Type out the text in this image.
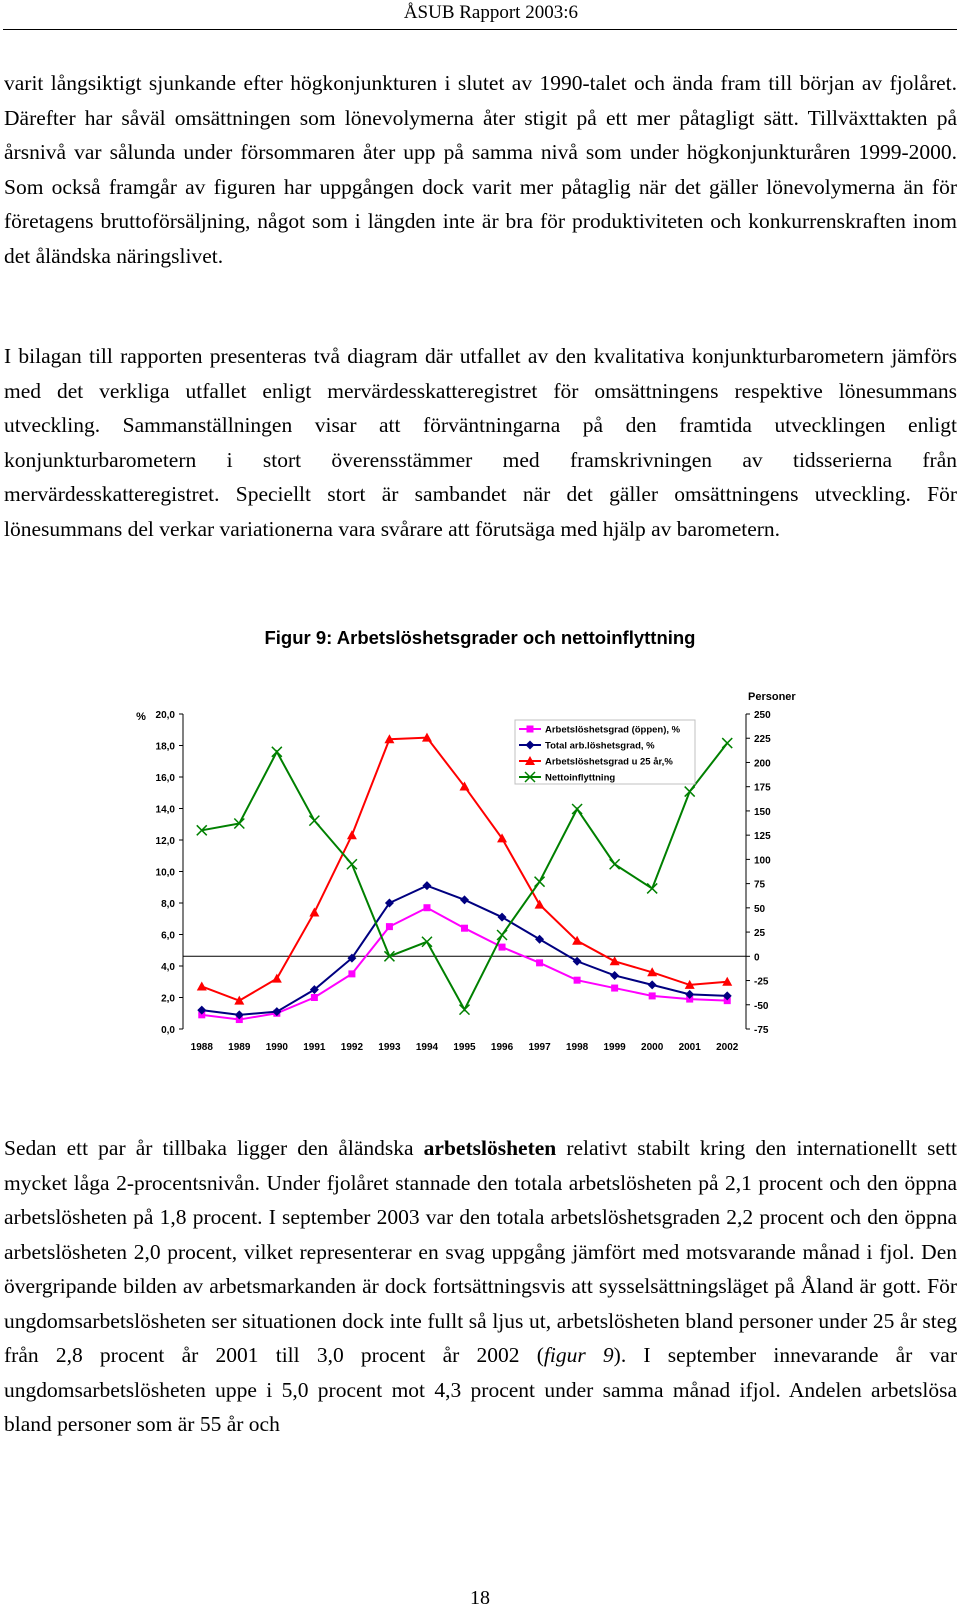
ÅSUB Rapport 2003:6

varit långsiktigt sjunkande efter högkonjunkturen i slutet av 1990-talet och ända fram till början av fjolåret. Därefter har såväl omsättningen som lönevolymerna åter stigit på ett mer påtagligt sätt. Tillväxttakten på årsnivå var sålunda under försommaren åter upp på samma nivå som under högkonjunkturåren 1999-2000. Som också framgår av figuren har uppgången dock varit mer påtaglig när det gäller lönevolymerna än för företagens bruttoförsäljning, något som i längden inte är bra för produktiviteten och konkurrenskraften inom det åländska näringslivet.

I bilagan till rapporten presenteras två diagram där utfallet av den kvalitativa konjunkturbarometern jämförs med det verkliga utfallet enligt mervärdesskatteregistret för omsättningens respektive lönesummans utveckling. Sammanställningen visar att förväntningarna på den framtida utvecklingen enligt konjunkturbarometern i stort överensstämmer med framskrivningen av tidsserierna från mervärdesskatteregistret. Speciellt stort är sambandet när det gäller omsättningens utveckling. För lönesummans del verkar variationerna vara svårare att förutsäga med hjälp av barometern.

Figur 9: Arbetslöshetsgrader och nettoinflyttning
0,0
2,0
4,0
6,0
8,0
10,0
12,0
14,0
16,0
18,0
20,0
%
-75
-50
-25
0
25
50
75
100
125
150
175
200
225
250
Personer
1988 1989 1990 1991 1992 1993 1994 1995 1996 1997 1998 1999 2000 2001 2002
Arbetslöshetsgrad (öppen), %
Total arb.löshetsgrad, %
Arbetslöshetsgrad u 25 år,%
Nettoinflyttning

Sedan ett par år tillbaka ligger den åländska arbetslösheten relativt stabilt kring den internationellt sett mycket låga 2-procentsnivån. Under fjolåret stannade den totala arbetslösheten på 2,1 procent och den öppna arbetslösheten på 1,8 procent. I september 2003 var den totala arbetslöshetsgraden 2,2 procent och den öppna arbetslösheten 2,0 procent, vilket representerar en svag uppgång jämfört med motsvarande månad i fjol. Den övergripande bilden av arbetsmarkanden är dock fortsättningsvis att sysselsättningsläget på Åland är gott. För ungdomsarbetslösheten ser situationen dock inte fullt så ljus ut, arbetslösheten bland personer under 25 år steg från 2,8 procent år 2001 till 3,0 procent år 2002 (figur 9). I september innevarande år var ungdomsarbetslösheten uppe i 5,0 procent mot 4,3 procent under samma månad ifjol. Andelen arbetslösa bland personer som är 55 år och

18
